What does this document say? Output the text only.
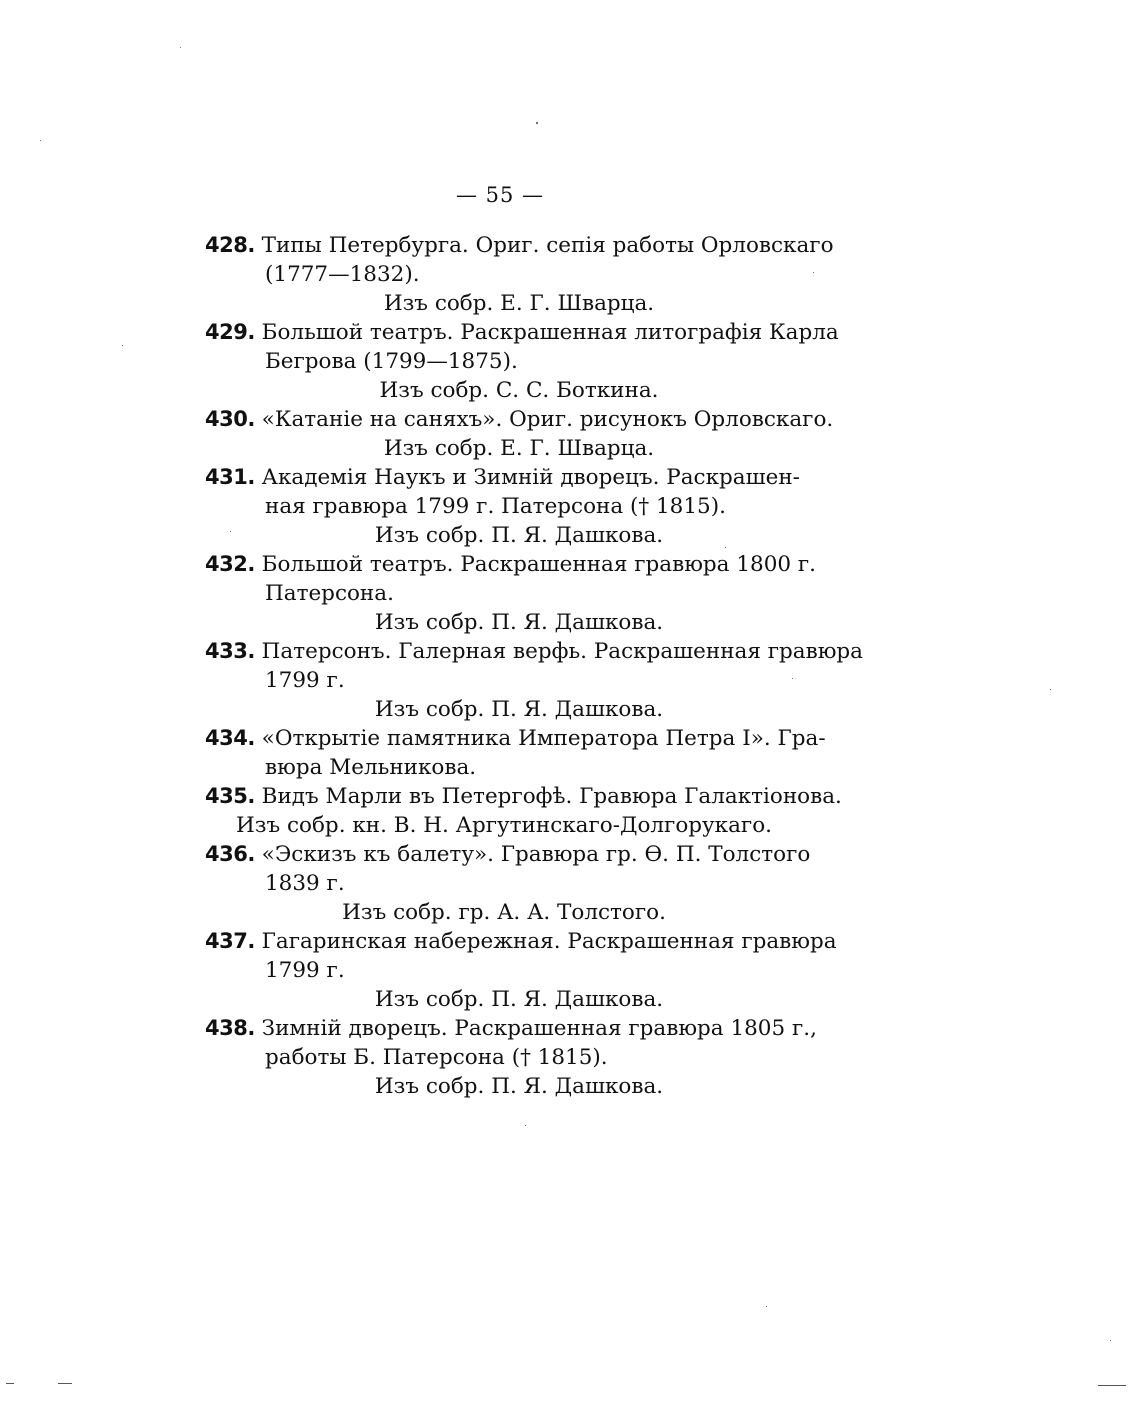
— 55 —
428. Типы Петербурга. Ориг. сепія работы Орловскаго
(1777—1832).
Изъ собр. Е. Г. Шварца.
429. Большой театръ. Раскрашенная литографія Карла
Бегрова (1799—1875).
Изъ собр. С. С. Боткина.
430. «Катаніе на саняхъ». Ориг. рисунокъ Орловскаго.
Изъ собр. Е. Г. Шварца.
431. Академія Наукъ и Зимній дворецъ. Раскрашен-
ная гравюра 1799 г. Патерсона († 1815).
Изъ собр. П. Я. Дашкова.
432. Большой театръ. Раскрашенная гравюра 1800 г.
Патерсона.
Изъ собр. П. Я. Дашкова.
433. Патерсонъ. Галерная верфь. Раскрашенная гравюра
1799 г.
Изъ собр. П. Я. Дашкова.
434. «Открытіе памятника Императора Петра I». Гра-
вюра Мельникова.
435. Видъ Марли въ Петергофѣ. Гравюра Галактіонова.
Изъ собр. кн. В. Н. Аргутинскаго-Долгорукаго.
436. «Эскизъ къ балету». Гравюра гр. Ѳ. П. Толстого
1839 г.
Изъ собр. гр. А. А. Толстого.
437. Гагаринская набережная. Раскрашенная гравюра
1799 г.
Изъ собр. П. Я. Дашкова.
438. Зимній дворецъ. Раскрашенная гравюра 1805 г.,
работы Б. Патерсона († 1815).
Изъ собр. П. Я. Дашкова.
